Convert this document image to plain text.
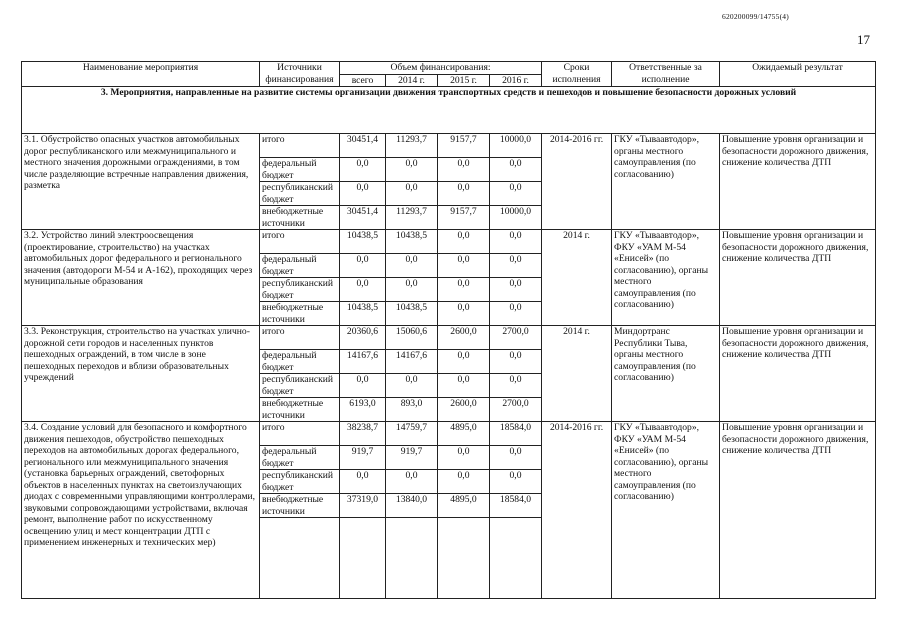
620200099/14755(4)
17
Наименование мероприятия	Источники финансирования	Объем финансирования:				Сроки исполнения	Ответственные за исполнение	Ожидаемый результат
		всего	2014 г.	2015 г.	2016 г.			
3. Мероприятия, направленные на развитие системы организации движения транспортных средств и пешеходов и повышение безопасности дорожных условий								
3.1. Обустройство опасных участков автомобильных дорог республиканского или межмуниципального и местного значения дорожными ограждениями, в том числе разделяющие встречные направления движения, разметка	итого	30451,4	11293,7	9157,7	10000,0	2014-2016 гг.	ГКУ «Тываавтодор», органы местного самоуправления (по согласованию)	Повышение уровня организации и безопасности дорожного движения, снижение количества ДТП
	федеральный бюджет	0,0	0,0	0,0	0,0			
	республиканский бюджет	0,0	0,0	0,0	0,0			
	внебюджетные источники	30451,4	11293,7	9157,7	10000,0			
3.2. Устройство линий электроосвещения (проектирование, строительство) на участках автомобильных дорог федерального и регионального значения (автодороги М-54 и А-162), проходящих через муниципальные образования	итого	10438,5	10438,5	0,0	0,0	2014 г.	ГКУ «Тываавтодор», ФКУ «УАМ М-54 «Енисей» (по согласованию), органы местного самоуправления (по согласованию)	Повышение уровня организации и безопасности дорожного движения, снижение количества ДТП
	федеральный бюджет	0,0	0,0	0,0	0,0			
	республиканский бюджет	0,0	0,0	0,0	0,0			
	внебюджетные источники	10438,5	10438,5	0,0	0,0			
3.3. Реконструкция, строительство на участках улично-дорожной сети городов и населенных пунктов пешеходных ограждений, в том числе в зоне пешеходных переходов и вблизи образовательных учреждений	итого	20360,6	15060,6	2600,0	2700,0	2014 г.	Миндортранс Республики Тыва, органы местного самоуправления (по согласованию)	Повышение уровня организации и безопасности дорожного движения, снижение количества ДТП
	федеральный бюджет	14167,6	14167,6	0,0	0,0			
	республиканский бюджет	0,0	0,0	0,0	0,0			
	внебюджетные источники	6193,0	893,0	2600,0	2700,0			
3.4. Создание условий для безопасного и комфортного движения пешеходов, обустройство пешеходных переходов на автомобильных дорогах федерального, регионального или межмуниципального значения (установка барьерных ограждений, светофорных объектов в населенных пунктах на светоизлучающих диодах с современными управляющими контроллерами, звуковыми сопровождающими устройствами, включая ремонт, выполнение работ по искусственному освещению улиц и мест концентрации ДТП с применением инженерных и технических мер)	итого	38238,7	14759,7	4895,0	18584,0	2014-2016 гг.	ГКУ «Тываавтодор», ФКУ «УАМ М-54 «Енисей» (по согласованию), органы местного самоуправления (по согласованию)	Повышение уровня организации и безопасности дорожного движения, снижение количества ДТП
	федеральный бюджет	919,7	919,7	0,0	0,0			
	республиканский бюджет	0,0	0,0	0,0	0,0			
	внебюджетные источники	37319,0	13840,0	4895,0	18584,0			
